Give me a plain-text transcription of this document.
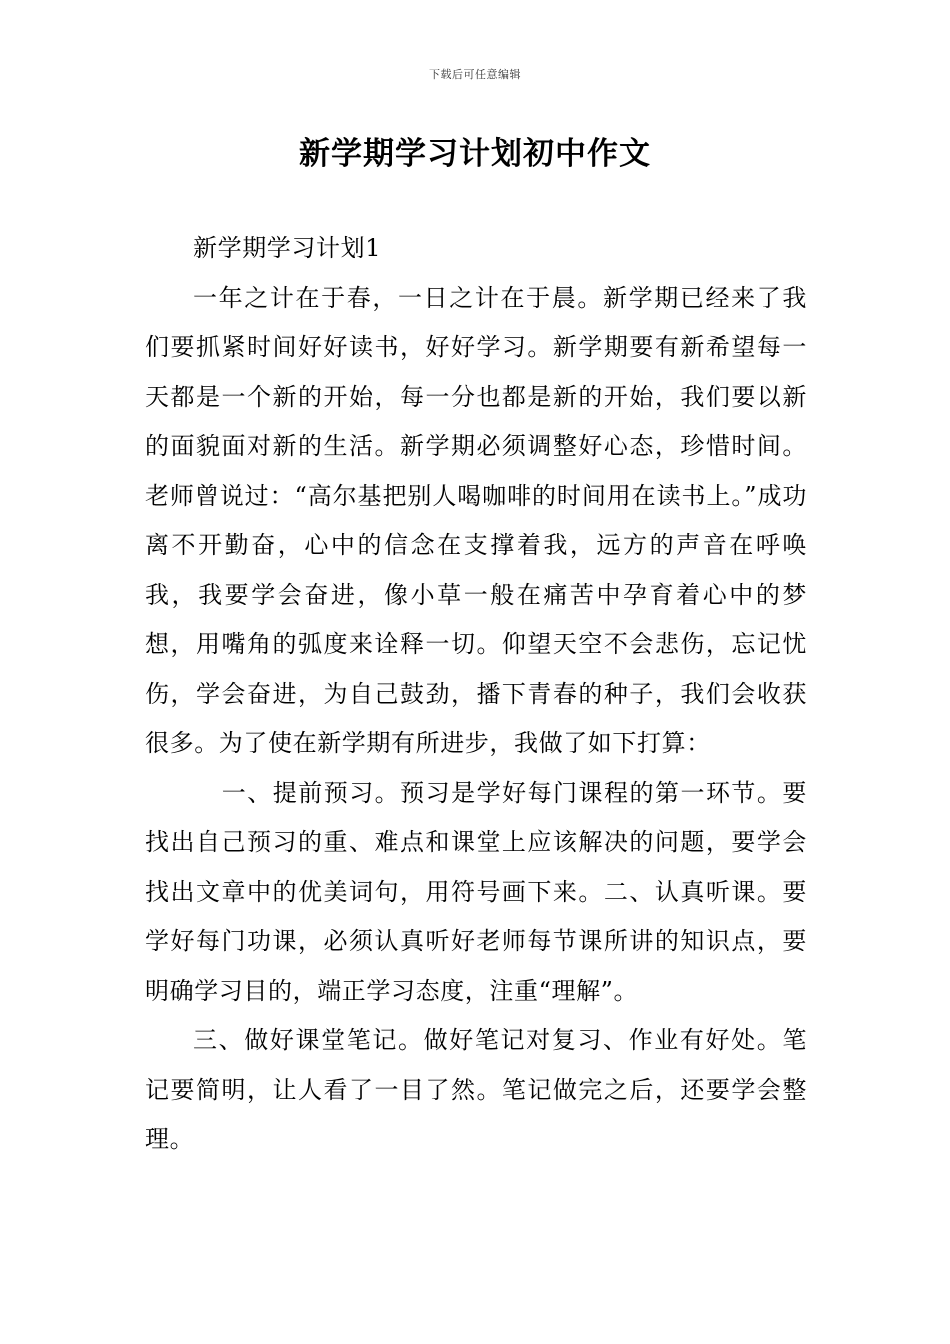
下载后可任意编辑
新学期学习计划初中作文

新学期学习计划1

一年之计在于春，一日之计在于晨。新学期已经来了我们要抓紧时间好好读书，好好学习。新学期要有新希望每一天都是一个新的开始，每一分也都是新的开始，我们要以新的面貌面对新的生活。新学期必须调整好心态，珍惜时间。老师曾说过：“高尔基把别人喝咖啡的时间用在读书上。”成功离不开勤奋，心中的信念在支撑着我，远方的声音在呼唤我，我要学会奋进，像小草一般在痛苦中孕育着心中的梦想，用嘴角的弧度来诠释一切。仰望天空不会悲伤，忘记忧伤，学会奋进，为自己鼓劲，播下青春的种子，我们会收获很多。为了使在新学期有所进步，我做了如下打算：

一、提前预习。预习是学好每门课程的第一环节。要找出自己预习的重、难点和课堂上应该解决的问题，要学会找出文章中的优美词句，用符号画下来。二、认真听课。要学好每门功课，必须认真听好老师每节课所讲的知识点，要明确学习目的，端正学习态度，注重“理解”。

三、做好课堂笔记。做好笔记对复习、作业有好处。笔记要简明，让人看了一目了然。笔记做完之后，还要学会整理。
